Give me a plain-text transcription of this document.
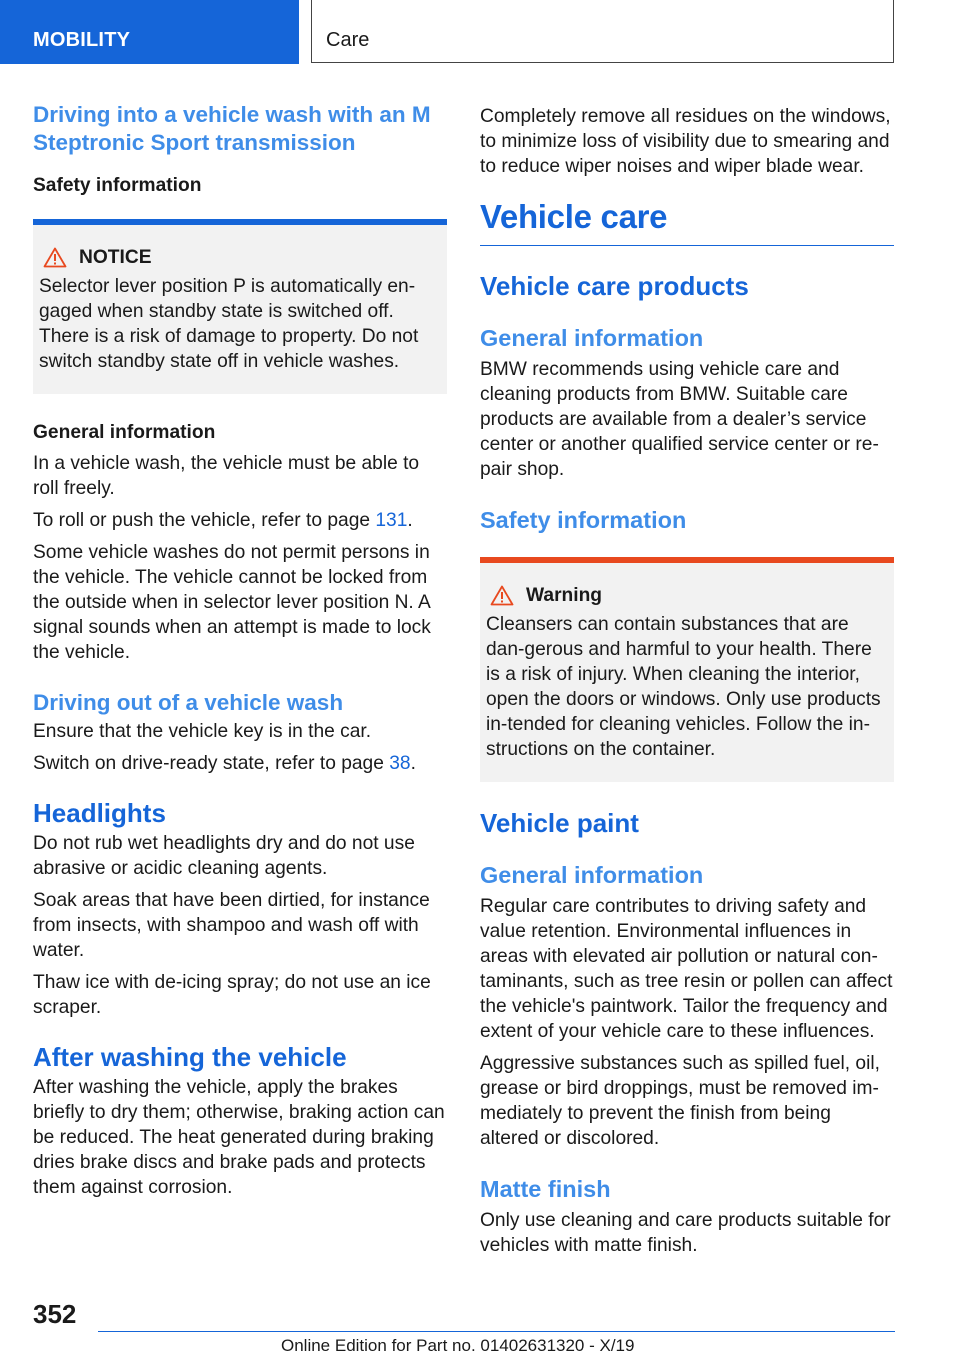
MOBILITY	Care
Driving into a vehicle wash with an M Steptronic Sport transmission
Safety information
NOTICE

Selector lever position P is automatically en‐gaged when standby state is switched off. There is a risk of damage to property. Do not switch standby state off in vehicle washes.

General information

In a vehicle wash, the vehicle must be able to roll freely.

To roll or push the vehicle, refer to page 131.

Some vehicle washes do not permit persons in the vehicle. The vehicle cannot be locked from the outside when in selector lever position N. A signal sounds when an attempt is made to lock the vehicle.

Driving out of a vehicle wash

Ensure that the vehicle key is in the car.

Switch on drive-ready state, refer to page 38.

Headlights

Do not rub wet headlights dry and do not use abrasive or acidic cleaning agents.

Soak areas that have been dirtied, for instance from insects, with shampoo and wash off with water.

Thaw ice with de-icing spray; do not use an ice scraper.

After washing the vehicle

After washing the vehicle, apply the brakes briefly to dry them; otherwise, braking action can be reduced. The heat generated during braking dries brake discs and brake pads and protects them against corrosion.

Completely remove all residues on the windows, to minimize loss of visibility due to smearing and to reduce wiper noises and wiper blade wear.

Vehicle care
Vehicle care products
General information

BMW recommends using vehicle care and cleaning products from BMW. Suitable care products are available from a dealer’s service center or another qualified service center or re‐pair shop.

Safety information
Warning

Cleansers can contain substances that are dan‐gerous and harmful to your health. There is a risk of injury. When cleaning the interior, open the doors or windows. Only use products in‐tended for cleaning vehicles. Follow the in‐structions on the container.

Vehicle paint
General information

Regular care contributes to driving safety and value retention. Environmental influences in areas with elevated air pollution or natural con‐taminants, such as tree resin or pollen can affect the vehicle's paintwork. Tailor the frequency and extent of your vehicle care to these influences.

Aggressive substances such as spilled fuel, oil, grease or bird droppings, must be removed im‐mediately to prevent the finish from being altered or discolored.

Matte finish

Only use cleaning and care products suitable for vehicles with matte finish.

352
Online Edition for Part no. 01402631320 - X/19
